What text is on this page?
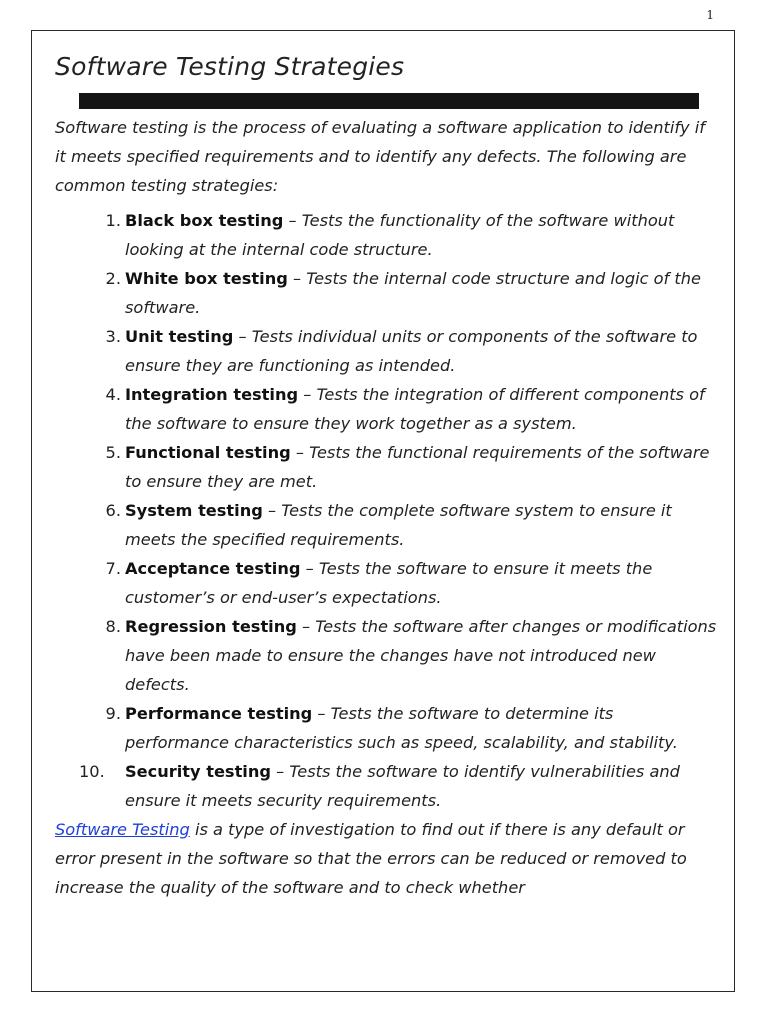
1
Software Testing Strategies

Software testing is the process of evaluating a software application to identify if it meets specified requirements and to identify any defects. The following are common testing strategies:

1. Black box testing – Tests the functionality of the software without looking at the internal code structure.
2. White box testing – Tests the internal code structure and logic of the software.
3. Unit testing – Tests individual units or components of the software to ensure they are functioning as intended.
4. Integration testing – Tests the integration of different components of the software to ensure they work together as a system.
5. Functional testing – Tests the functional requirements of the software to ensure they are met.
6. System testing – Tests the complete software system to ensure it meets the specified requirements.
7. Acceptance testing – Tests the software to ensure it meets the customer’s or end-user’s expectations.
8. Regression testing – Tests the software after changes or modifications have been made to ensure the changes have not introduced new defects.
9. Performance testing – Tests the software to determine its performance characteristics such as speed, scalability, and stability.
10. Security testing – Tests the software to identify vulnerabilities and ensure it meets security requirements.

Software Testing is a type of investigation to find out if there is any default or error present in the software so that the errors can be reduced or removed to increase the quality of the software and to check whether
